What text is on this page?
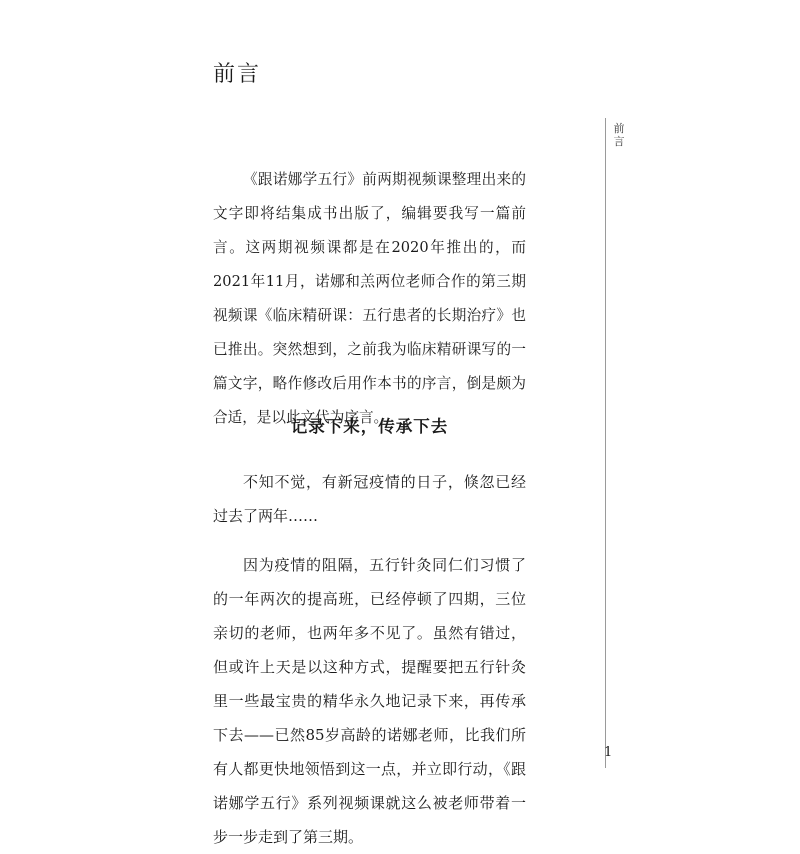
前言
前言

《跟诺娜学五行》前两期视频课整理出来的文字即将结集成书出版了，编辑要我写一篇前言。这两期视频课都是在2020年推出的，而2021年11月，诺娜和羔两位老师合作的第三期视频课《临床精研课：五行患者的长期治疗》也已推出。突然想到，之前我为临床精研课写的一篇文字，略作修改后用作本书的序言，倒是颇为合适，是以此文代为序言。

记录下来，传承下去

不知不觉，有新冠疫情的日子，倏忽已经过去了两年……

因为疫情的阻隔，五行针灸同仁们习惯了的一年两次的提高班，已经停顿了四期，三位亲切的老师，也两年多不见了。虽然有错过，但或许上天是以这种方式，提醒要把五行针灸里一些最宝贵的精华永久地记录下来，再传承下去——已然85岁高龄的诺娜老师，比我们所有人都更快地领悟到这一点，并立即行动，《跟诺娜学五行》系列视频课就这么被老师带着一步一步走到了第三期。

1
